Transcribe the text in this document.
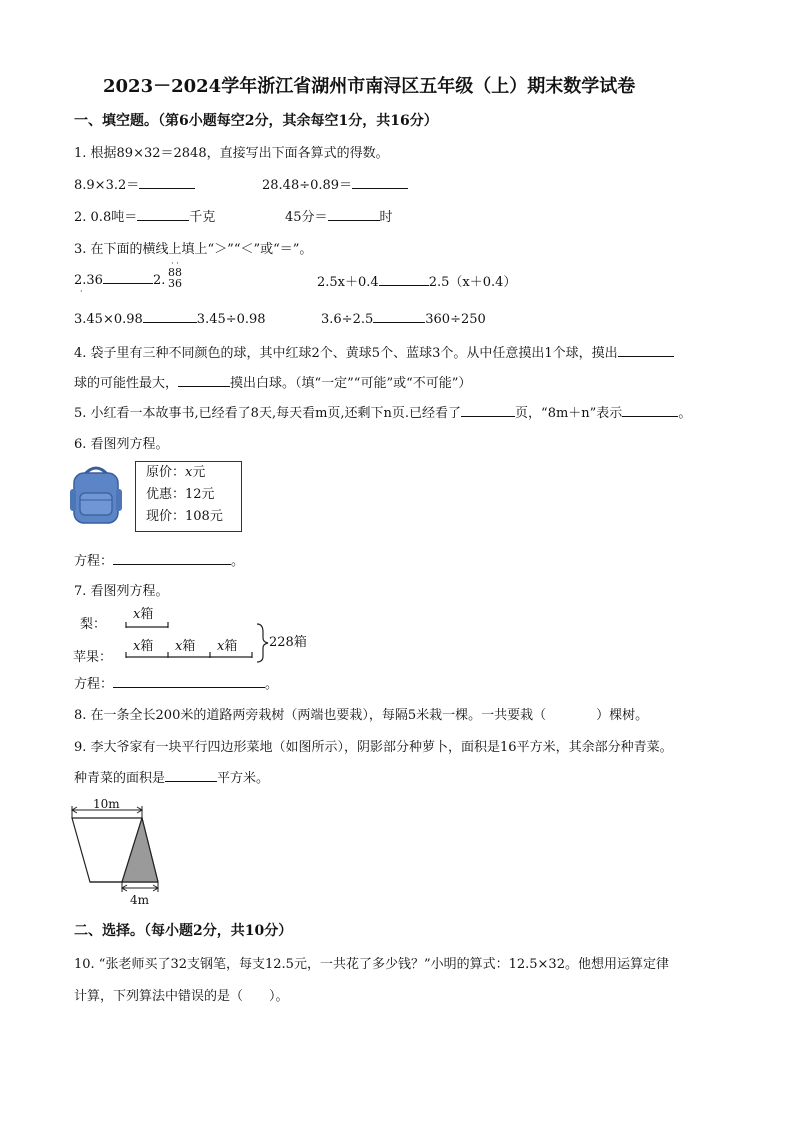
2023－2024学年浙江省湖州市南浔区五年级（上）期末数学试卷
一、填空题。（第6小题每空2分，其余每空1分，共16分）
1. 根据89×32＝2848，直接写出下面各算式的得数。
8.9×3.2＝	28.48÷0.89＝
2. 0.8吨＝	千克	45分＝	时
3. 在下面的横线上填上“＞”“＜”或“＝”。
2.36	2.
· ·
88
36
·
2.5x＋0.4	2.5（x＋0.4）
3.45×0.98	3.45÷0.98	3.6÷2.5	360÷250
4. 袋子里有三种不同颜色的球，其中红球2个、黄球5个、蓝球3个。从中任意摸出1个球，摸出
球的可能性最大，	摸出白球。（填“一定”“可能”或“不可能”）
5. 小红看一本故事书,已经看了8天,每天看m页,还剩下n页.已经看了	页，“8m＋n”表示	。
6. 看图列方程。
原价：x元
优惠：12元
现价：108元
方程：	。
7. 看图列方程。
梨：
苹果：
x箱
x箱 x箱 x箱 228箱
方程：	。
8. 在一条全长200米的道路两旁栽树（两端也要栽），每隔5米栽一棵。一共要栽（	）棵树。
9. 李大爷家有一块平行四边形菜地（如图所示），阴影部分种萝卜，面积是16平方米，其余部分种青菜。
种青菜的面积是	平方米。
10m
4m
二、选择。（每小题2分，共10分）
10. “张老师买了32支钢笔，每支12.5元，一共花了多少钱？”小明的算式：12.5×32。他想用运算定律
计算，下列算法中错误的是（　　）。
